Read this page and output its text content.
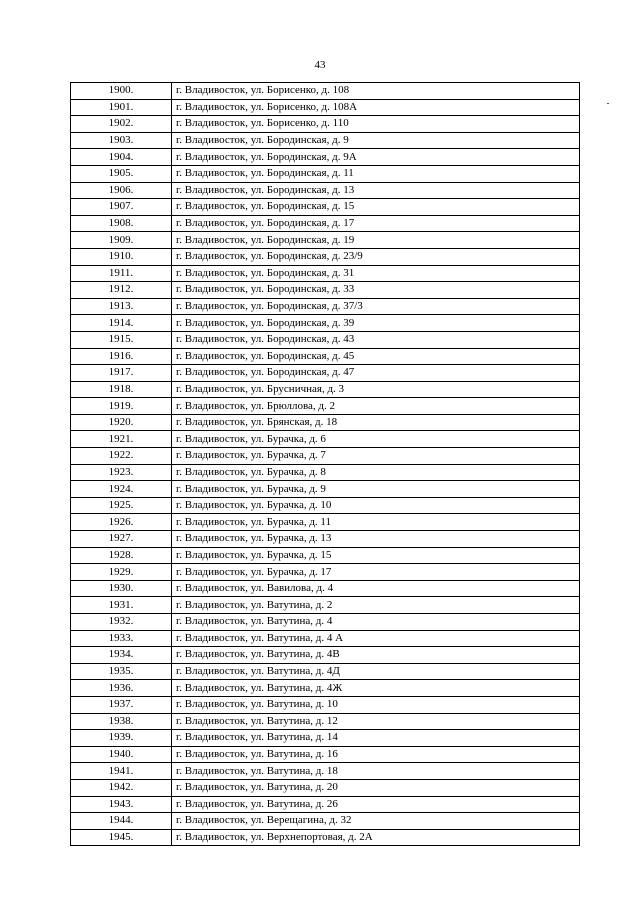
43
1900.	г. Владивосток, ул. Борисенко, д. 108
1901.	г. Владивосток, ул. Борисенко, д. 108А
1902.	г. Владивосток, ул. Борисенко, д. 110
1903.	г. Владивосток, ул. Бородинская, д. 9
1904.	г. Владивосток, ул. Бородинская, д. 9А
1905.	г. Владивосток, ул. Бородинская, д. 11
1906.	г. Владивосток, ул. Бородинская, д. 13
1907.	г. Владивосток, ул. Бородинская, д. 15
1908.	г. Владивосток, ул. Бородинская, д. 17
1909.	г. Владивосток, ул. Бородинская, д. 19
1910.	г. Владивосток, ул. Бородинская, д. 23/9
1911.	г. Владивосток, ул. Бородинская, д. 31
1912.	г. Владивосток, ул. Бородинская, д. 33
1913.	г. Владивосток, ул. Бородинская, д. 37/3
1914.	г. Владивосток, ул. Бородинская, д. 39
1915.	г. Владивосток, ул. Бородинская, д. 43
1916.	г. Владивосток, ул. Бородинская, д. 45
1917.	г. Владивосток, ул. Бородинская, д. 47
1918.	г. Владивосток, ул. Брусничная, д. 3
1919.	г. Владивосток, ул. Брюллова, д. 2
1920.	г. Владивосток, ул. Брянская, д. 18
1921.	г. Владивосток, ул. Бурачка, д. 6
1922.	г. Владивосток, ул. Бурачка, д. 7
1923.	г. Владивосток, ул. Бурачка, д. 8
1924.	г. Владивосток, ул. Бурачка, д. 9
1925.	г. Владивосток, ул. Бурачка, д. 10
1926.	г. Владивосток, ул. Бурачка, д. 11
1927.	г. Владивосток, ул. Бурачка, д. 13
1928.	г. Владивосток, ул. Бурачка, д. 15
1929.	г. Владивосток, ул. Бурачка, д. 17
1930.	г. Владивосток, ул. Вавилова, д. 4
1931.	г. Владивосток, ул. Ватутина, д. 2
1932.	г. Владивосток, ул. Ватутина, д. 4
1933.	г. Владивосток, ул. Ватутина, д. 4 А
1934.	г. Владивосток, ул. Ватутина, д. 4В
1935.	г. Владивосток, ул. Ватутина, д. 4Д
1936.	г. Владивосток, ул. Ватутина, д. 4Ж
1937.	г. Владивосток, ул. Ватутина, д. 10
1938.	г. Владивосток, ул. Ватутина, д. 12
1939.	г. Владивосток, ул. Ватутина, д. 14
1940.	г. Владивосток, ул. Ватутина, д. 16
1941.	г. Владивосток, ул. Ватутина, д. 18
1942.	г. Владивосток, ул. Ватутина, д. 20
1943.	г. Владивосток, ул. Ватутина, д. 26
1944.	г. Владивосток, ул. Верещагина, д. 32
1945.	г. Владивосток, ул. Верхнепортовая, д. 2А
